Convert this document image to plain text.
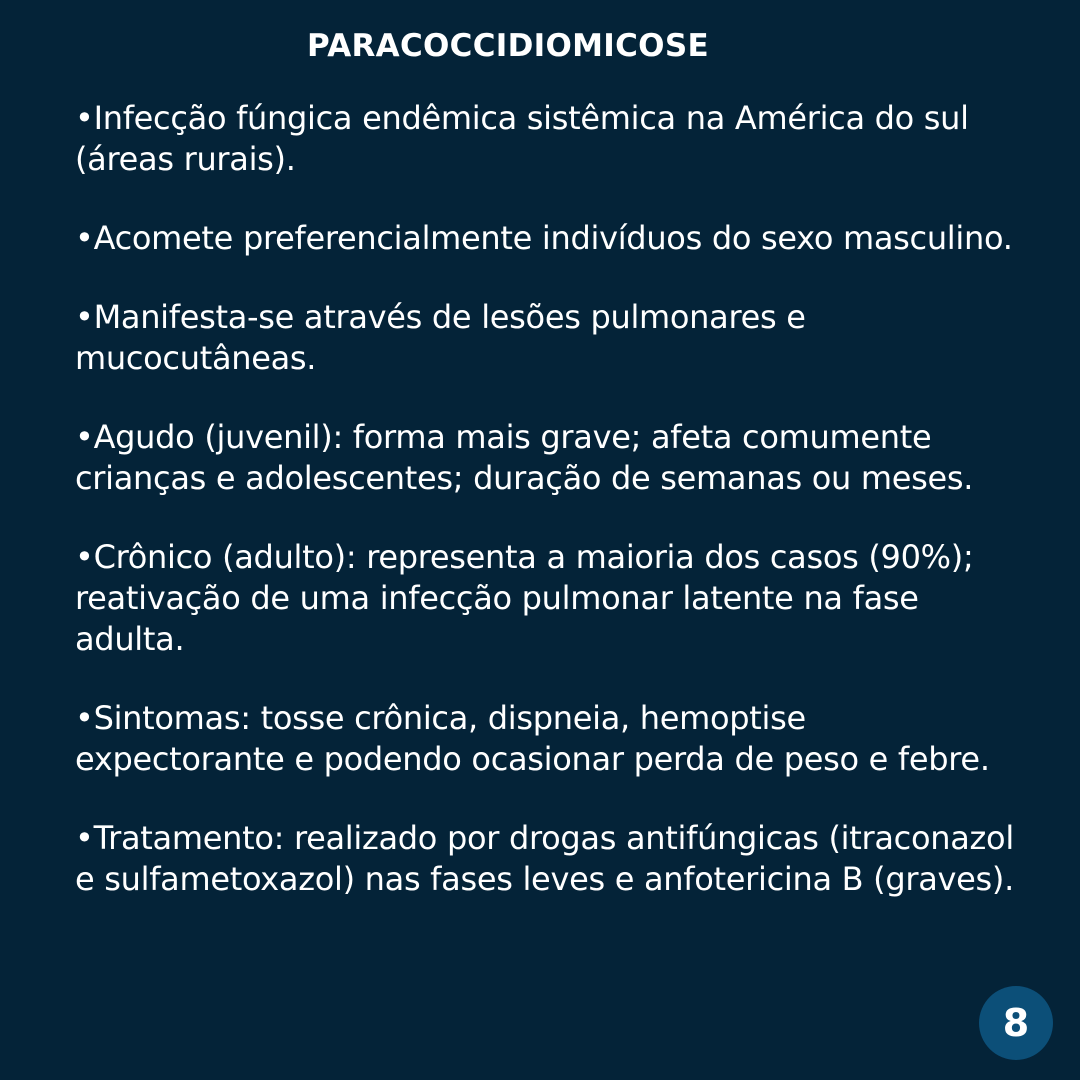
PARACOCCIDIOMICOSE

•Infecção fúngica endêmica sistêmica na América do sul (áreas rurais).

•Acomete preferencialmente indivíduos do sexo masculino.

•Manifesta-se através de lesões pulmonares e mucocutâneas.

•Agudo (juvenil): forma mais grave; afeta comumente crianças e adolescentes; duração de semanas ou meses.

•Crônico (adulto): representa a maioria dos casos (90%); reativação de uma infecção pulmonar latente na fase adulta.

•Sintomas: tosse crônica, dispneia, hemoptise expectorante e podendo ocasionar perda de peso e febre.

•Tratamento: realizado por drogas antifúngicas (itraconazol e sulfametoxazol) nas fases leves e anfotericina B (graves).

8
